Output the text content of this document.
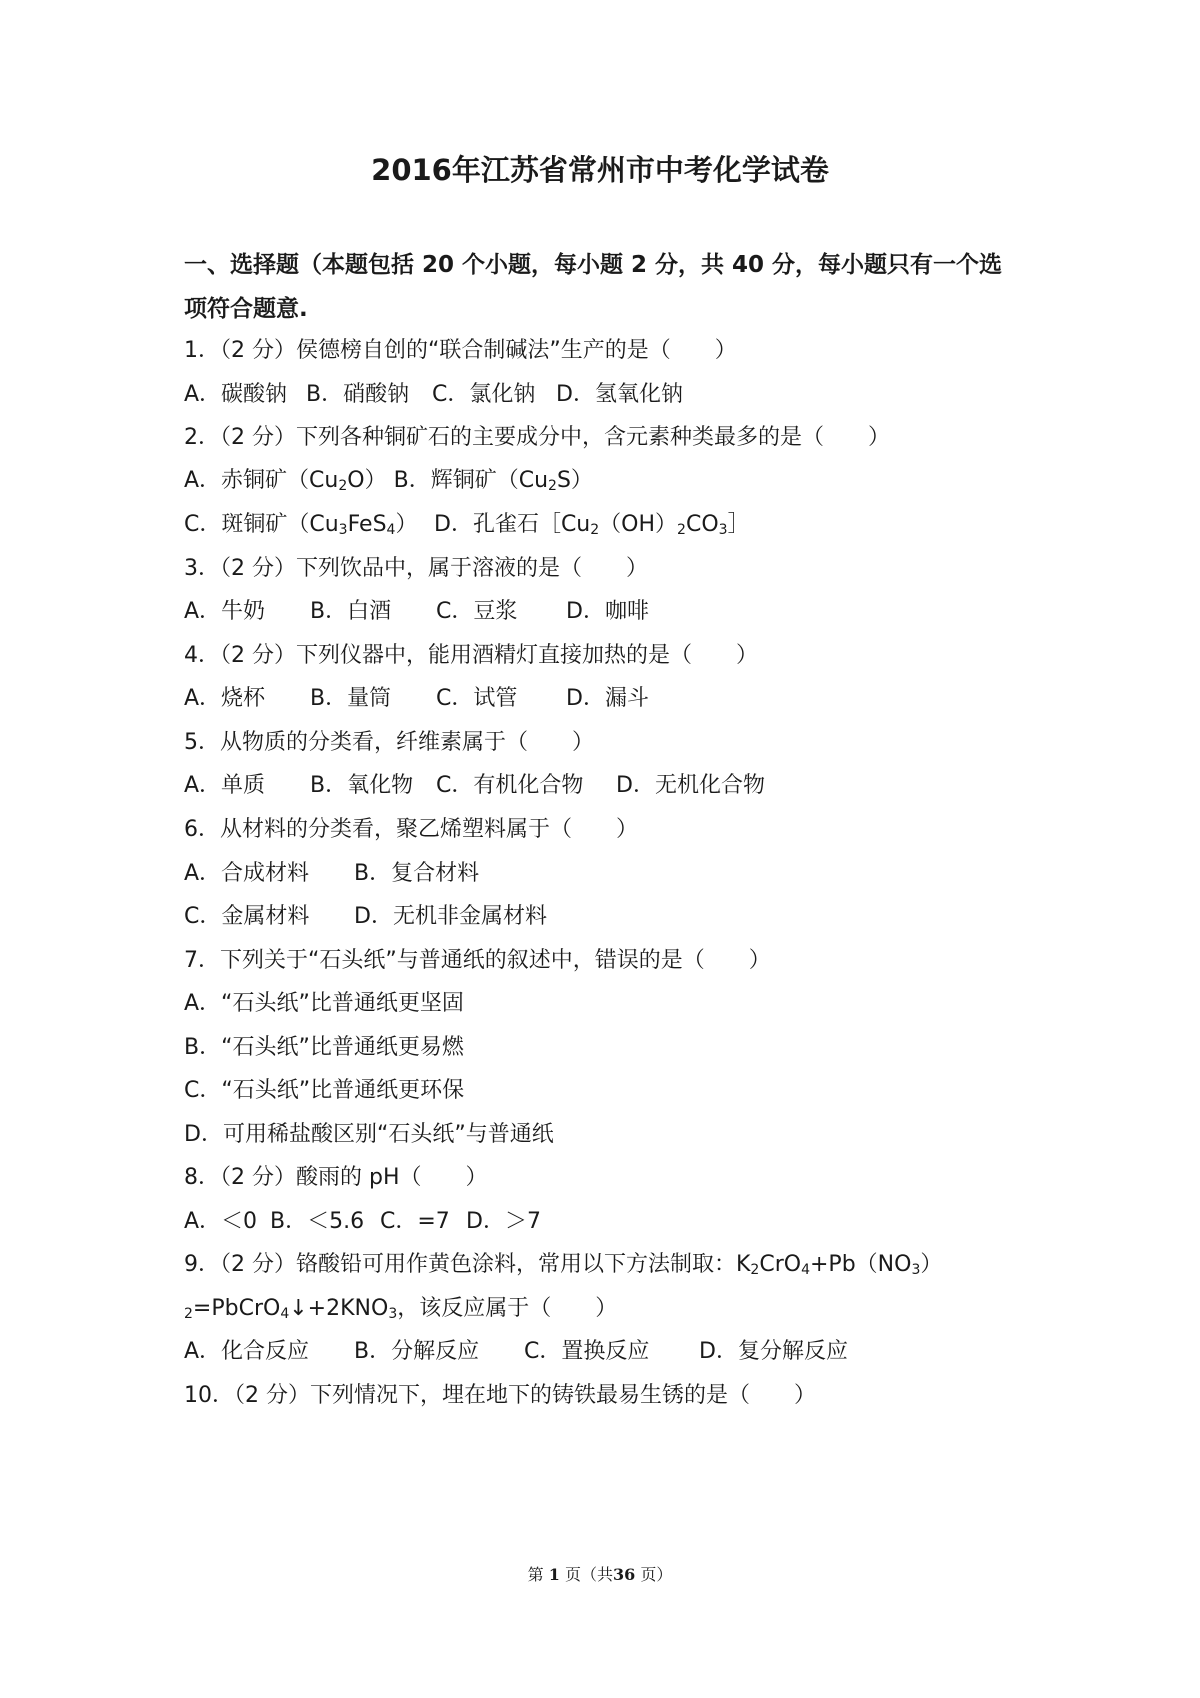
2016年江苏省常州市中考化学试卷
一、选择题（本题包括 20 个小题，每小题 2 分，共 40 分，每小题只有一个选
项符合题意.
1．（2 分）侯德榜自创的“联合制碱法”生产的是（　　）
A．碳酸钠 B．硝酸钠 C．氯化钠 D．氢氧化钠
2．（2 分）下列各种铜矿石的主要成分中，含元素种类最多的是（　　）
A．赤铜矿$(Cu_2O)$ B．辉铜矿$(Cu_2S)$
C．斑铜矿$(Cu_3FeS_4)$ D．孔雀石$[Cu_2(OH)_2CO_3]$
3．（2 分）下列饮品中，属于溶液的是（　　）
A．牛奶 B．白酒 C．豆浆 D．咖啡
4．（2 分）下列仪器中，能用酒精灯直接加热的是（　　）
A．烧杯 B．量筒 C．试管 D．漏斗
5．从物质的分类看，纤维素属于（　　）
A．单质 B．氧化物 C．有机化合物 D．无机化合物
6．从材料的分类看，聚乙烯塑料属于（　　）
A．合成材料 B．复合材料
C．金属材料 D．无机非金属材料
7．下列关于“石头纸”与普通纸的叙述中，错误的是（　　）
A．“石头纸”比普通纸更坚固
B．“石头纸”比普通纸更易燃
C．“石头纸”比普通纸更环保
D．可用稀盐酸区别“石头纸”与普通纸
8．（2 分）酸雨的 pH（　　）
A．＜0 B．＜5.6 C．=7 D．＞7
9．（2 分）铬酸铅可用作黄色涂料，常用以下方法制取：$K_2CrO_4+Pb(NO_3)$
$_2=PbCrO_4↓+2KNO_3$，该反应属于（　　）
A．化合反应 B．分解反应 C．置换反应 D．复分解反应
10．（2 分）下列情况下，埋在地下的铸铁最易生锈的是（　　）
第 1 页（共36 页）
